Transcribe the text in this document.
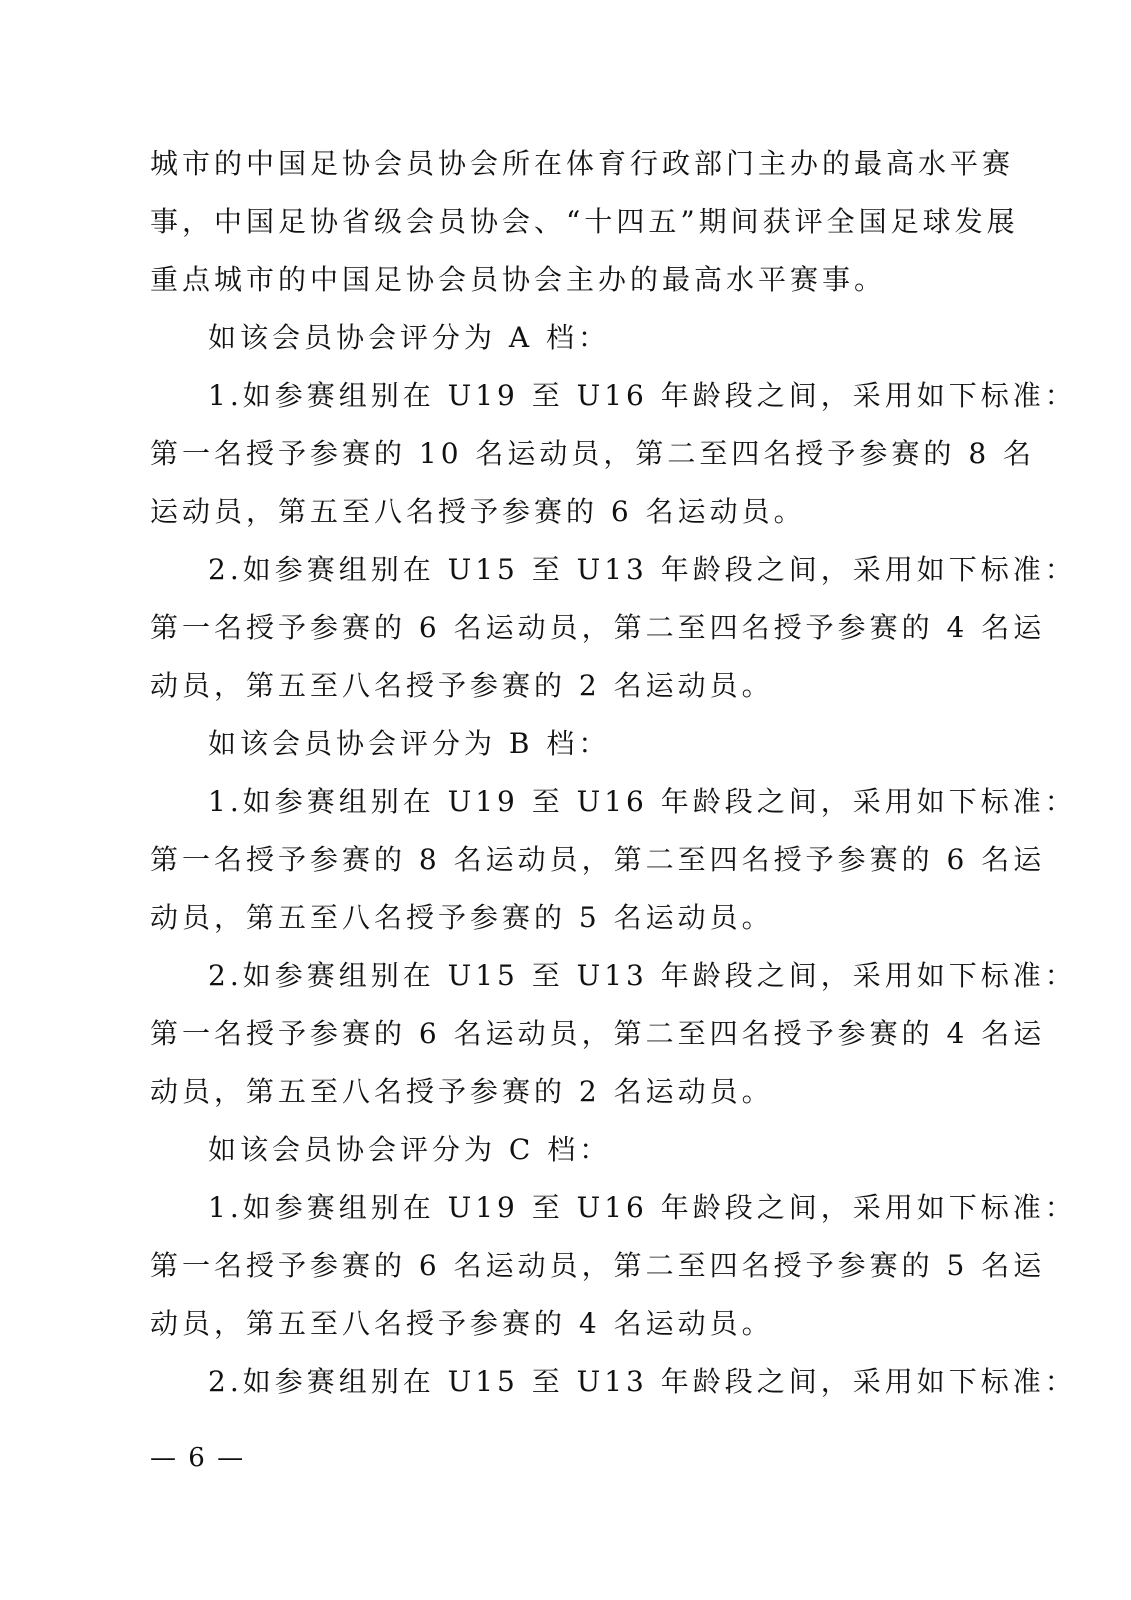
城市的中国足协会员协会所在体育行政部门主办的最高水平赛
事，中国足协省级会员协会、“十四五”期间获评全国足球发展
重点城市的中国足协会员协会主办的最高水平赛事。
如该会员协会评分为 A 档：
1.如参赛组别在 U19 至 U16 年龄段之间，采用如下标准：
第一名授予参赛的 10 名运动员，第二至四名授予参赛的 8 名
运动员，第五至八名授予参赛的 6 名运动员。
2.如参赛组别在 U15 至 U13 年龄段之间，采用如下标准：
第一名授予参赛的 6 名运动员，第二至四名授予参赛的 4 名运
动员，第五至八名授予参赛的 2 名运动员。
如该会员协会评分为 B 档：
1.如参赛组别在 U19 至 U16 年龄段之间，采用如下标准：
第一名授予参赛的 8 名运动员，第二至四名授予参赛的 6 名运
动员，第五至八名授予参赛的 5 名运动员。
2.如参赛组别在 U15 至 U13 年龄段之间，采用如下标准：
第一名授予参赛的 6 名运动员，第二至四名授予参赛的 4 名运
动员，第五至八名授予参赛的 2 名运动员。
如该会员协会评分为 C 档：
1.如参赛组别在 U19 至 U16 年龄段之间，采用如下标准：
第一名授予参赛的 6 名运动员，第二至四名授予参赛的 5 名运
动员，第五至八名授予参赛的 4 名运动员。
2.如参赛组别在 U15 至 U13 年龄段之间，采用如下标准：
— 6 —
